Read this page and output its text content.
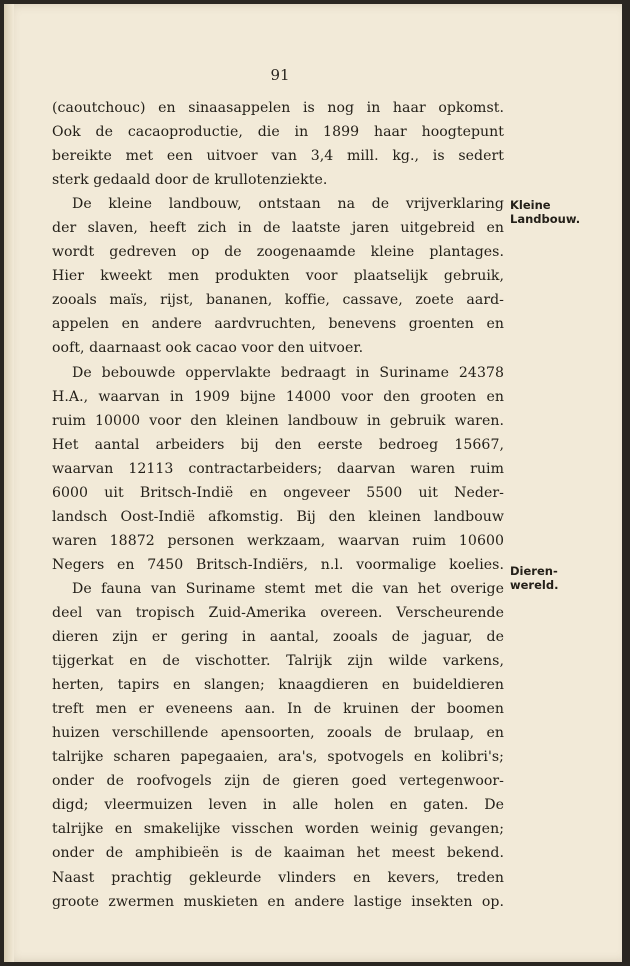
91
(caoutchouc) en sinaasappelen is nog in haar opkomst.
Ook de cacaoproductie, die in 1899 haar hoogtepunt
bereikte met een uitvoer van 3,4 mill. kg., is sedert
sterk gedaald door de krullotenziekte.
De kleine landbouw, ontstaan na de vrijverklaring
der slaven, heeft zich in de laatste jaren uitgebreid en
wordt gedreven op de zoogenaamde kleine plantages.
Hier kweekt men produkten voor plaatselijk gebruik,
zooals maïs, rijst, bananen, koffie, cassave, zoete aard-
appelen en andere aardvruchten, benevens groenten en
ooft, daarnaast ook cacao voor den uitvoer.
De bebouwde oppervlakte bedraagt in Suriname 24378
H.A., waarvan in 1909 bijne 14000 voor den grooten en
ruim 10000 voor den kleinen landbouw in gebruik waren.
Het aantal arbeiders bij den eerste bedroeg 15667,
waarvan 12113 contractarbeiders; daarvan waren ruim
6000 uit Britsch-Indië en ongeveer 5500 uit Neder-
landsch Oost-Indië afkomstig. Bij den kleinen landbouw
waren 18872 personen werkzaam, waarvan ruim 10600
Negers en 7450 Britsch-Indiërs, n.l. voormalige koelies.
De fauna van Suriname stemt met die van het overige
deel van tropisch Zuid-Amerika overeen. Verscheurende
dieren zijn er gering in aantal, zooals de jaguar, de
tijgerkat en de vischotter. Talrijk zijn wilde varkens,
herten, tapirs en slangen; knaagdieren en buideldieren
treft men er eveneens aan. In de kruinen der boomen
huizen verschillende apensoorten, zooals de brulaap, en
talrijke scharen papegaaien, ara's, spotvogels en kolibri's;
onder de roofvogels zijn de gieren goed vertegenwoor-
digd; vleermuizen leven in alle holen en gaten. De
talrijke en smakelijke visschen worden weinig gevangen;
onder de amphibieën is de kaaiman het meest bekend.
Naast prachtig gekleurde vlinders en kevers, treden
groote zwermen muskieten en andere lastige insekten op.
Kleine
Landbouw.
Dieren-
wereld.
